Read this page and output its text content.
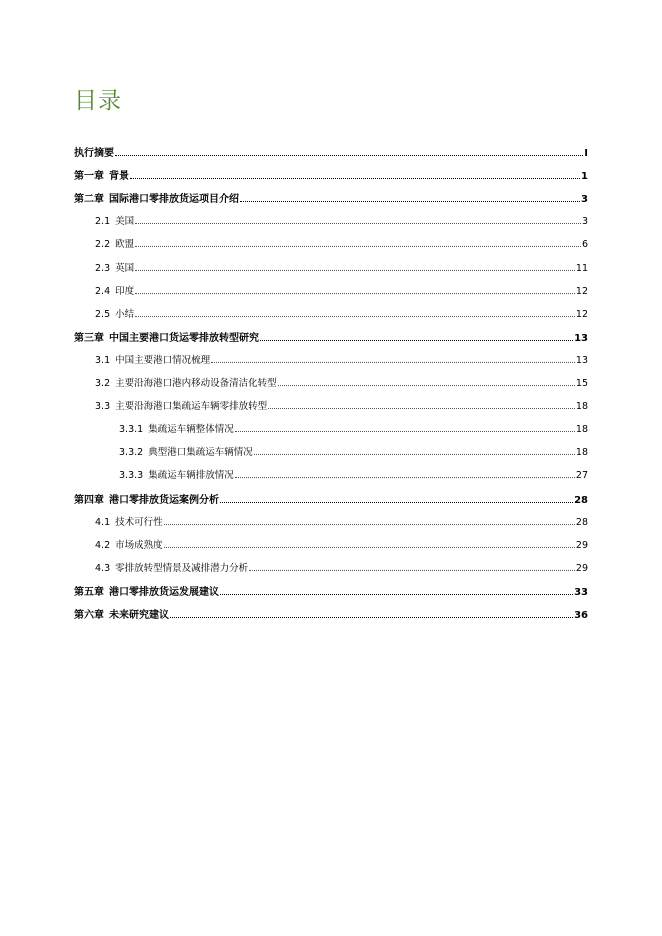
目录
执行摘要	I
第一章 背景	1
第二章 国际港口零排放货运项目介绍	3
2.1 美国	3
2.2 欧盟	6
2.3 英国	11
2.4 印度	12
2.5 小结	12
第三章 中国主要港口货运零排放转型研究	13
3.1 中国主要港口情况梳理	13
3.2 主要沿海港口港内移动设备清洁化转型	15
3.3 主要沿海港口集疏运车辆零排放转型	18
3.3.1 集疏运车辆整体情况	18
3.3.2 典型港口集疏运车辆情况	18
3.3.3 集疏运车辆排放情况	27
第四章 港口零排放货运案例分析	28
4.1 技术可行性	28
4.2 市场成熟度	29
4.3 零排放转型情景及减排潜力分析	29
第五章 港口零排放货运发展建议	33
第六章 未来研究建议	36
